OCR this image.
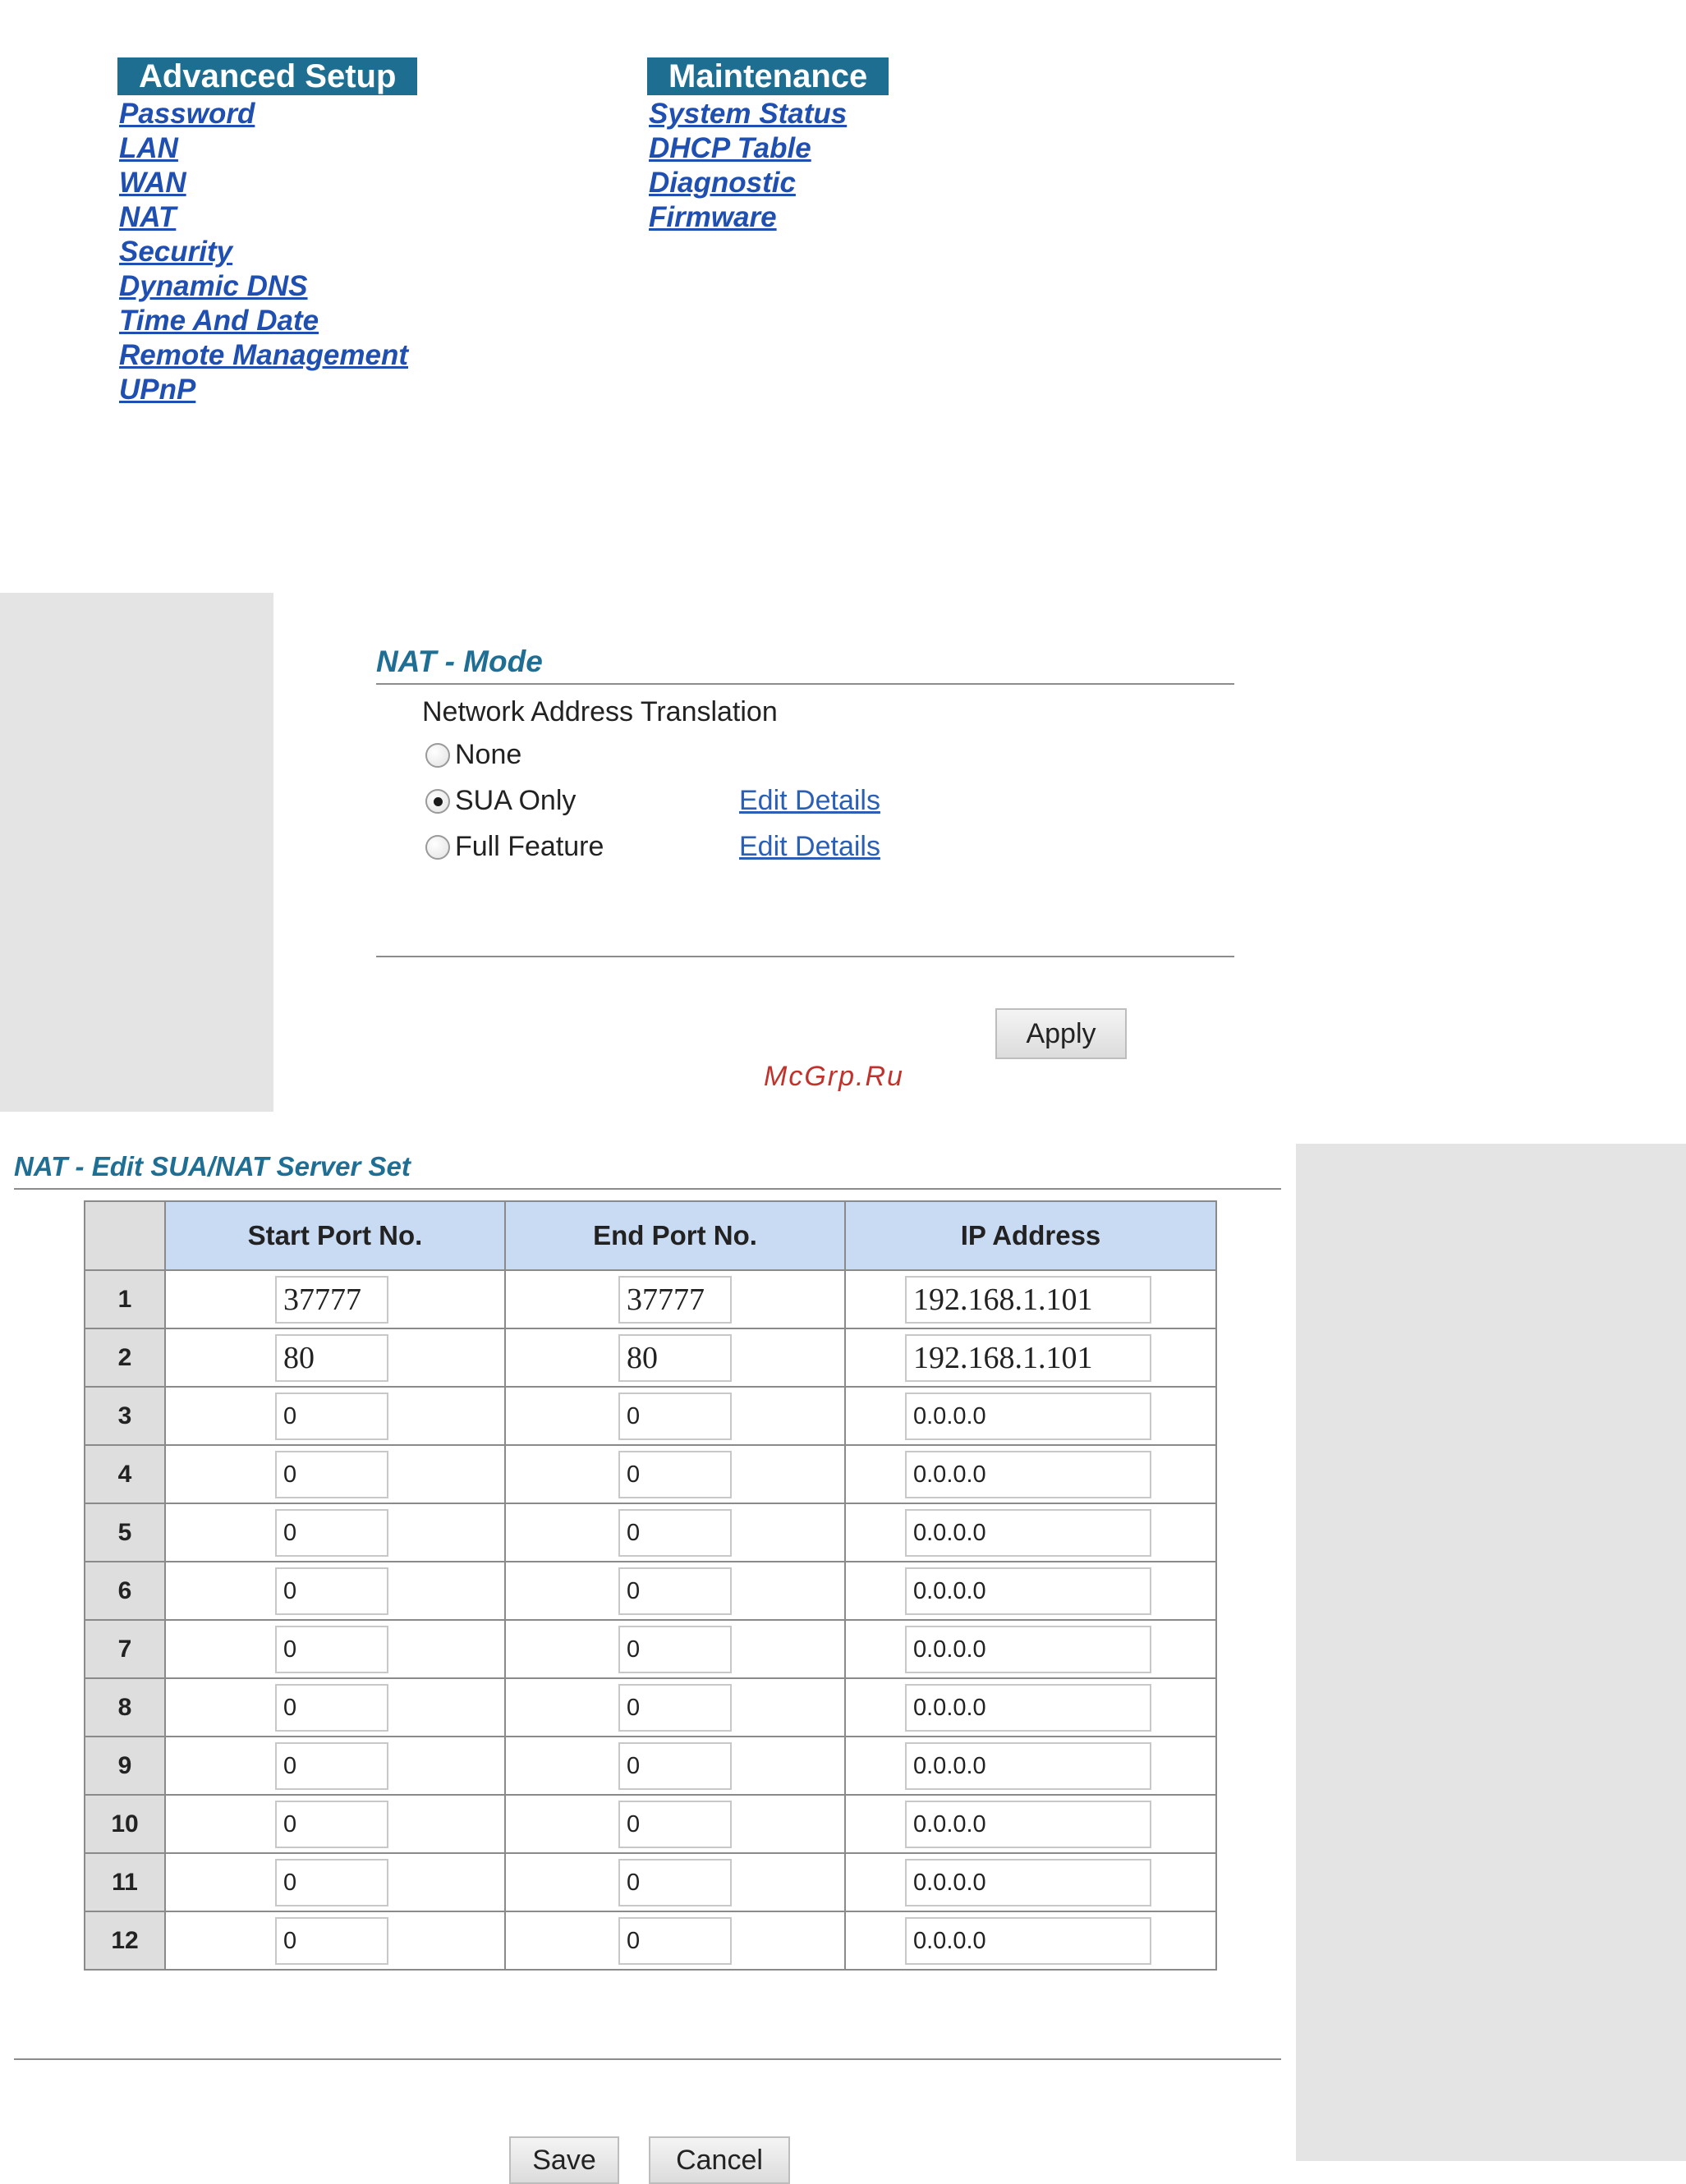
Advanced Setup
Password
LAN
WAN
NAT
Security
Dynamic DNS
Time And Date
Remote Management
UPnP
Maintenance
System Status
DHCP Table
Diagnostic
Firmware
NAT - Mode
Network Address Translation
None
SUA Only	Edit Details
Full Feature	Edit Details
Apply
McGrp.Ru
NAT - Edit SUA/NAT Server Set
	Start Port No.	End Port No.	IP Address
1	37777	37777	192.168.1.101
2	80	80	192.168.1.101
3	0	0	0.0.0.0
4	0	0	0.0.0.0
5	0	0	0.0.0.0
6	0	0	0.0.0.0
7	0	0	0.0.0.0
8	0	0	0.0.0.0
9	0	0	0.0.0.0
10	0	0	0.0.0.0
11	0	0	0.0.0.0
12	0	0	0.0.0.0
Save	Cancel
